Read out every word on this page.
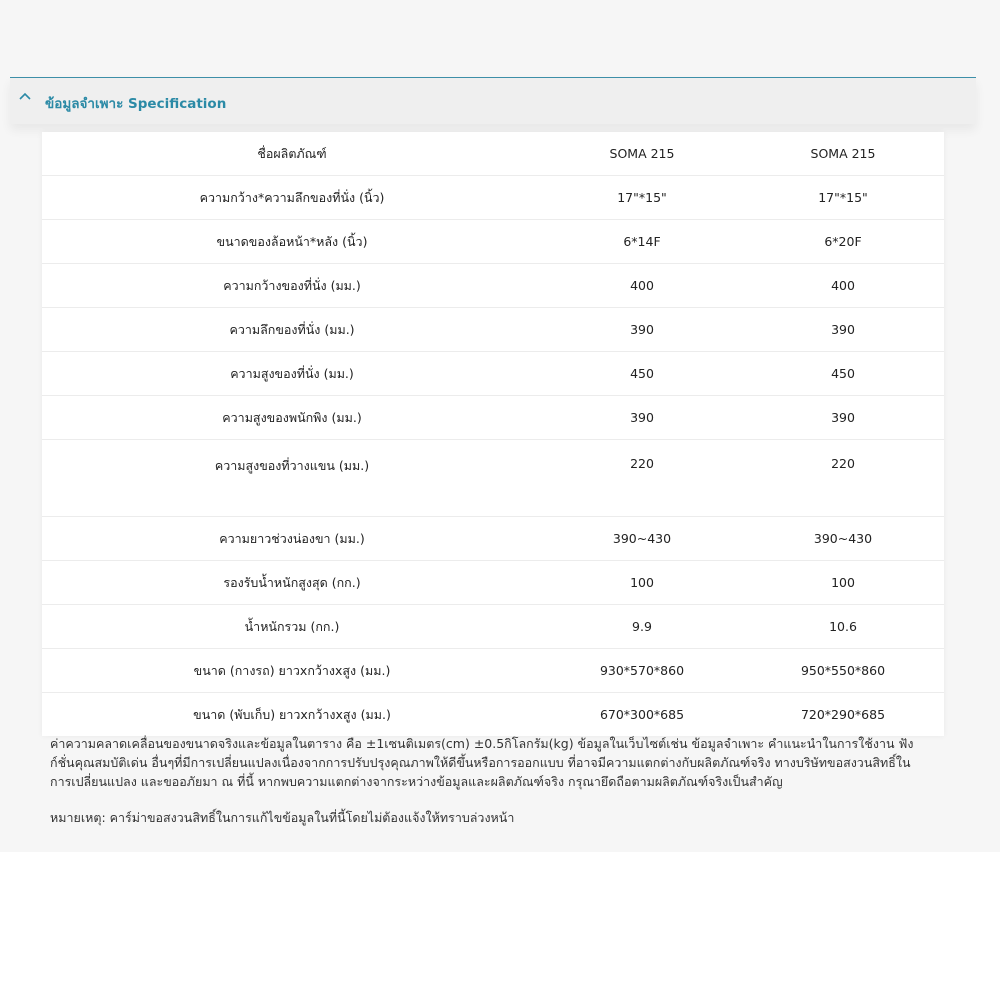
ข้อมูลจำเพาะ Specification
ชื่อผลิตภัณฑ์	SOMA 215	SOMA 215
ความกว้าง*ความลึกของที่นั่ง (นิ้ว)	17"*15"	17"*15"
ขนาดของล้อหน้า*หลัง (นิ้ว)	6*14F	6*20F
ความกว้างของที่นั่ง (มม.)	400	400
ความลึกของที่นั่ง (มม.)	390	390
ความสูงของที่นั่ง (มม.)	450	450
ความสูงของพนักพิง (มม.)	390	390
ความสูงของที่วางแขน (มม.)	220	220
ความยาวช่วงน่องขา (มม.)	390~430	390~430
รองรับน้ำหนักสูงสุด (กก.)	100	100
น้ำหนักรวม (กก.)	9.9	10.6
ขนาด (กางรถ) ยาวxกว้างxสูง (มม.)	930*570*860	950*550*860
ขนาด (พับเก็บ) ยาวxกว้างxสูง (มม.)	670*300*685	720*290*685
ค่าความคลาดเคลื่อนของขนาดจริงและข้อมูลในตาราง คือ ±1เซนติเมตร(cm) ±0.5กิโลกรัม(kg) ข้อมูลในเว็บไซต์เช่น ข้อมูลจำเพาะ คำแนะนำในการใช้งาน ฟังก์ชั่นคุณสมบัติเด่น อื่นๆที่มีการเปลี่ยนแปลงเนื่องจากการปรับปรุงคุณภาพให้ดีขึ้นหรือการออกแบบ ที่อาจมีความแตกต่างกับผลิตภัณฑ์จริง ทางบริษัทขอสงวนสิทธิ์ในการเปลี่ยนแปลง และขออภัยมา ณ ที่นี้ หากพบความแตกต่างจากระหว่างข้อมูลและผลิตภัณฑ์จริง กรุณายึดถือตามผลิตภัณฑ์จริงเป็นสำคัญ
หมายเหตุ: คาร์ม่าขอสงวนสิทธิ์ในการแก้ไขข้อมูลในที่นี้โดยไม่ต้องแจ้งให้ทราบล่วงหน้า
